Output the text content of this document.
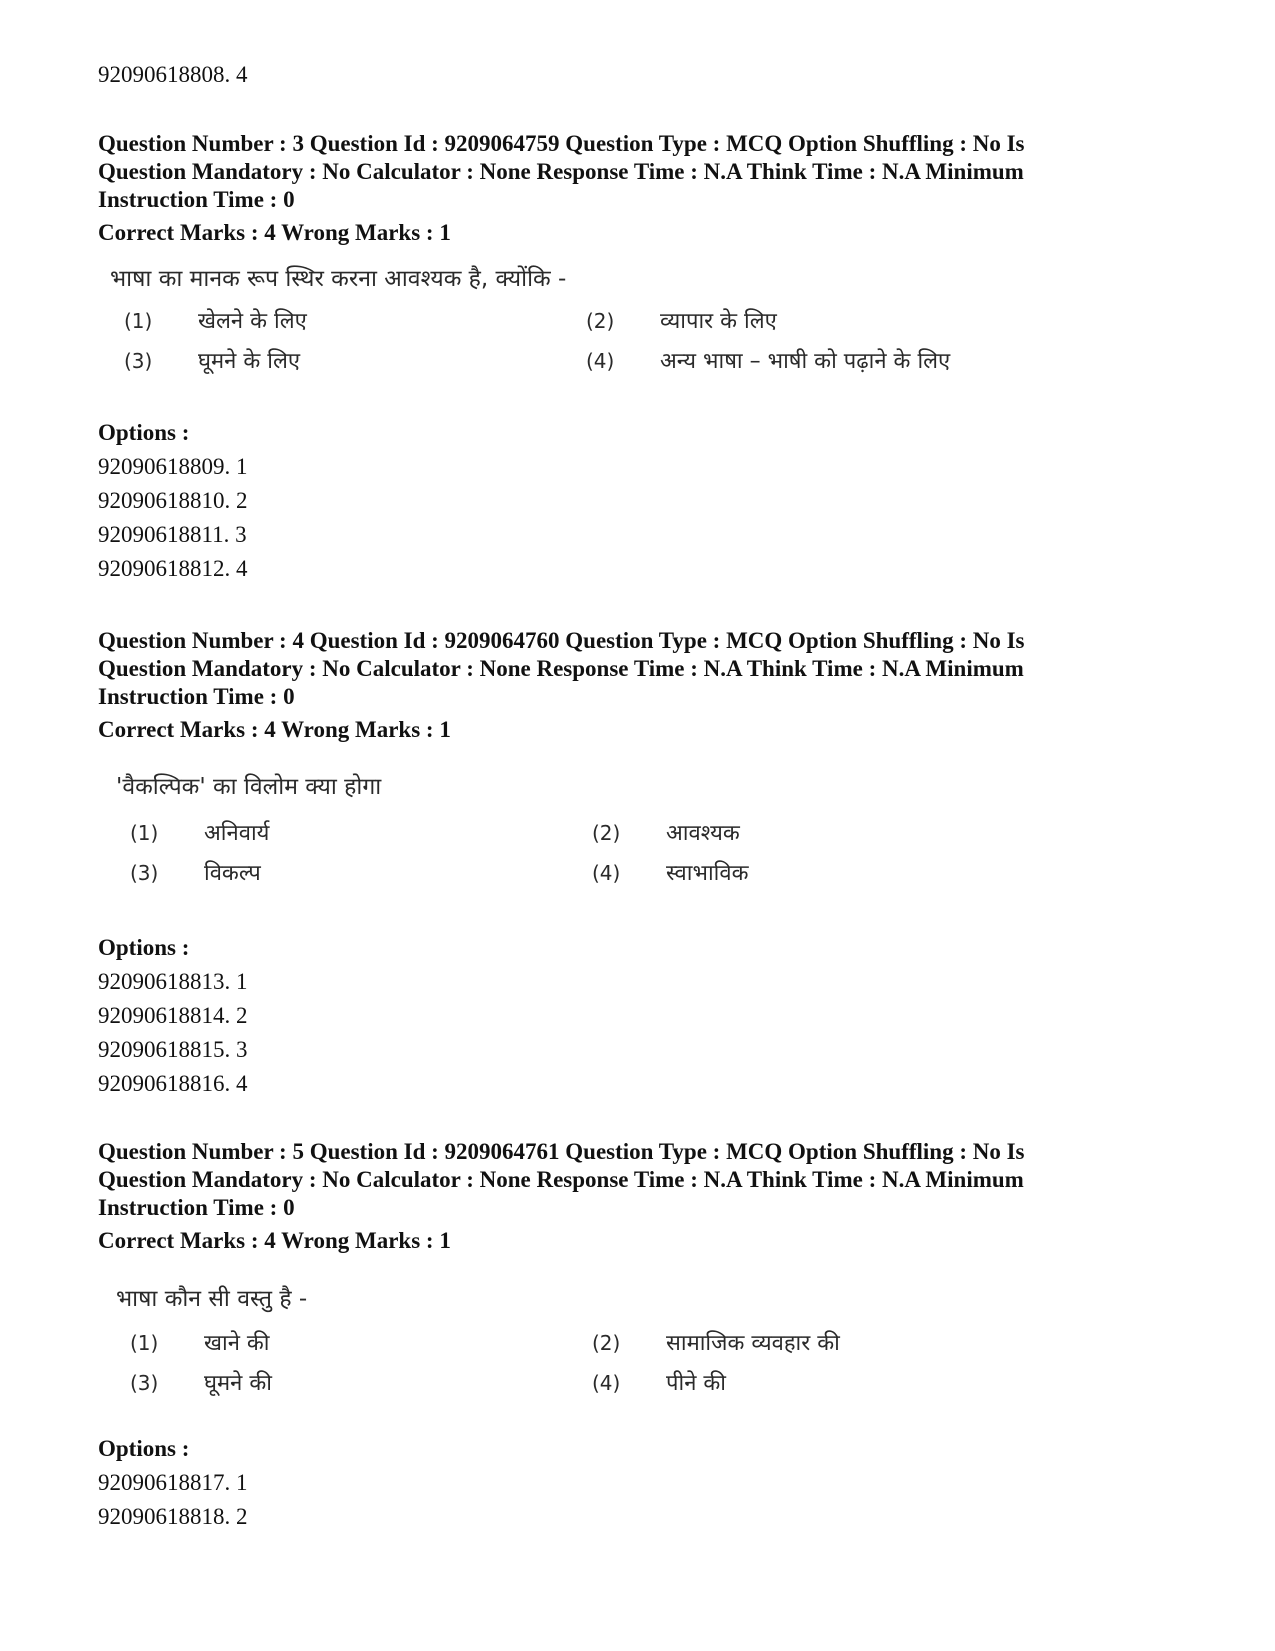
92090618808. 4
Question Number : 3 Question Id : 9209064759 Question Type : MCQ Option Shuffling : No Is Question Mandatory : No Calculator : None Response Time : N.A Think Time : N.A Minimum Instruction Time : 0
Correct Marks : 4 Wrong Marks : 1
भाषा का मानक रूप स्थिर करना आवश्यक है, क्योंकि -
(1) खेलने के लिए	(2) व्यापार के लिए
(3) घूमने के लिए	(4) अन्य भाषा – भाषी को पढ़ाने के लिए
Options :
92090618809. 1
92090618810. 2
92090618811. 3
92090618812. 4
Question Number : 4 Question Id : 9209064760 Question Type : MCQ Option Shuffling : No Is Question Mandatory : No Calculator : None Response Time : N.A Think Time : N.A Minimum Instruction Time : 0
Correct Marks : 4 Wrong Marks : 1
'वैकल्पिक' का विलोम क्या होगा
(1) अनिवार्य	(2) आवश्यक
(3) विकल्प	(4) स्वाभाविक
Options :
92090618813. 1
92090618814. 2
92090618815. 3
92090618816. 4
Question Number : 5 Question Id : 9209064761 Question Type : MCQ Option Shuffling : No Is Question Mandatory : No Calculator : None Response Time : N.A Think Time : N.A Minimum Instruction Time : 0
Correct Marks : 4 Wrong Marks : 1
भाषा कौन सी वस्तु है -
(1) खाने की	(2) सामाजिक व्यवहार की
(3) घूमने की	(4) पीने की
Options :
92090618817. 1
92090618818. 2
